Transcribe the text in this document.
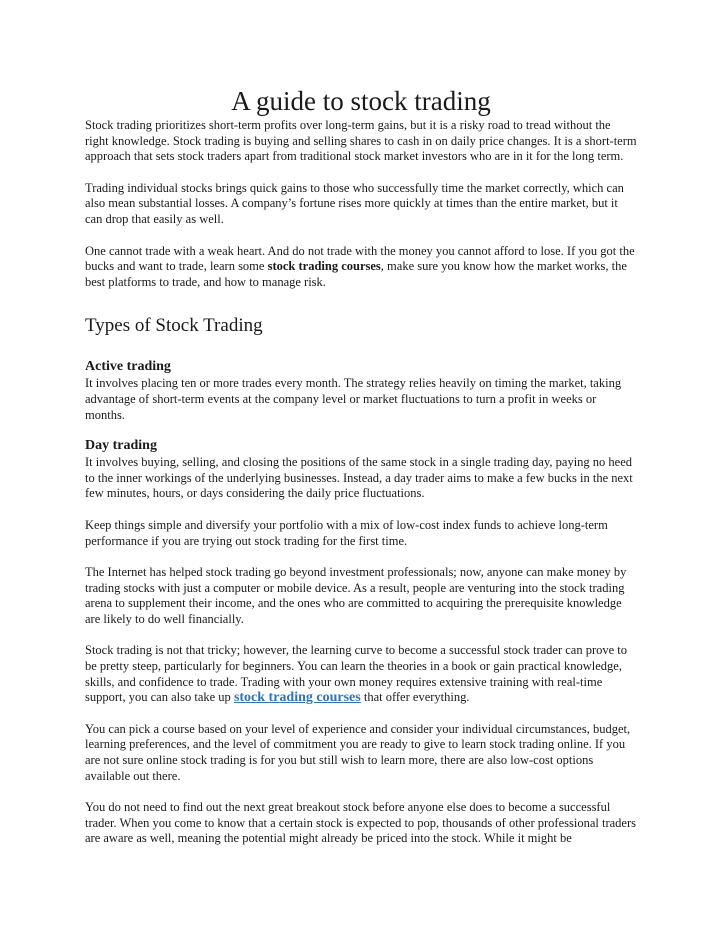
A guide to stock trading

Stock trading prioritizes short-term profits over long-term gains, but it is a risky road to tread without the right knowledge. Stock trading is buying and selling shares to cash in on daily price changes. It is a short-term approach that sets stock traders apart from traditional stock market investors who are in it for the long term.

Trading individual stocks brings quick gains to those who successfully time the market correctly, which can also mean substantial losses. A company’s fortune rises more quickly at times than the entire market, but it can drop that easily as well.

One cannot trade with a weak heart. And do not trade with the money you cannot afford to lose. If you got the bucks and want to trade, learn some stock trading courses, make sure you know how the market works, the best platforms to trade, and how to manage risk.

Types of Stock Trading
Active trading

It involves placing ten or more trades every month. The strategy relies heavily on timing the market, taking advantage of short-term events at the company level or market fluctuations to turn a profit in weeks or months.

Day trading

It involves buying, selling, and closing the positions of the same stock in a single trading day, paying no heed to the inner workings of the underlying businesses. Instead, a day trader aims to make a few bucks in the next few minutes, hours, or days considering the daily price fluctuations.

Keep things simple and diversify your portfolio with a mix of low-cost index funds to achieve long-term performance if you are trying out stock trading for the first time.

The Internet has helped stock trading go beyond investment professionals; now, anyone can make money by trading stocks with just a computer or mobile device. As a result, people are venturing into the stock trading arena to supplement their income, and the ones who are committed to acquiring the prerequisite knowledge are likely to do well financially.

Stock trading is not that tricky; however, the learning curve to become a successful stock trader can prove to be pretty steep, particularly for beginners. You can learn the theories in a book or gain practical knowledge, skills, and confidence to trade. Trading with your own money requires extensive training with real-time support, you can also take up stock trading courses that offer everything.

You can pick a course based on your level of experience and consider your individual circumstances, budget, learning preferences, and the level of commitment you are ready to give to learn stock trading online. If you are not sure online stock trading is for you but still wish to learn more, there are also low-cost options available out there.

You do not need to find out the next great breakout stock before anyone else does to become a successful trader. When you come to know that a certain stock is expected to pop, thousands of other professional traders are aware as well, meaning the potential might already be priced into the stock. While it might be
